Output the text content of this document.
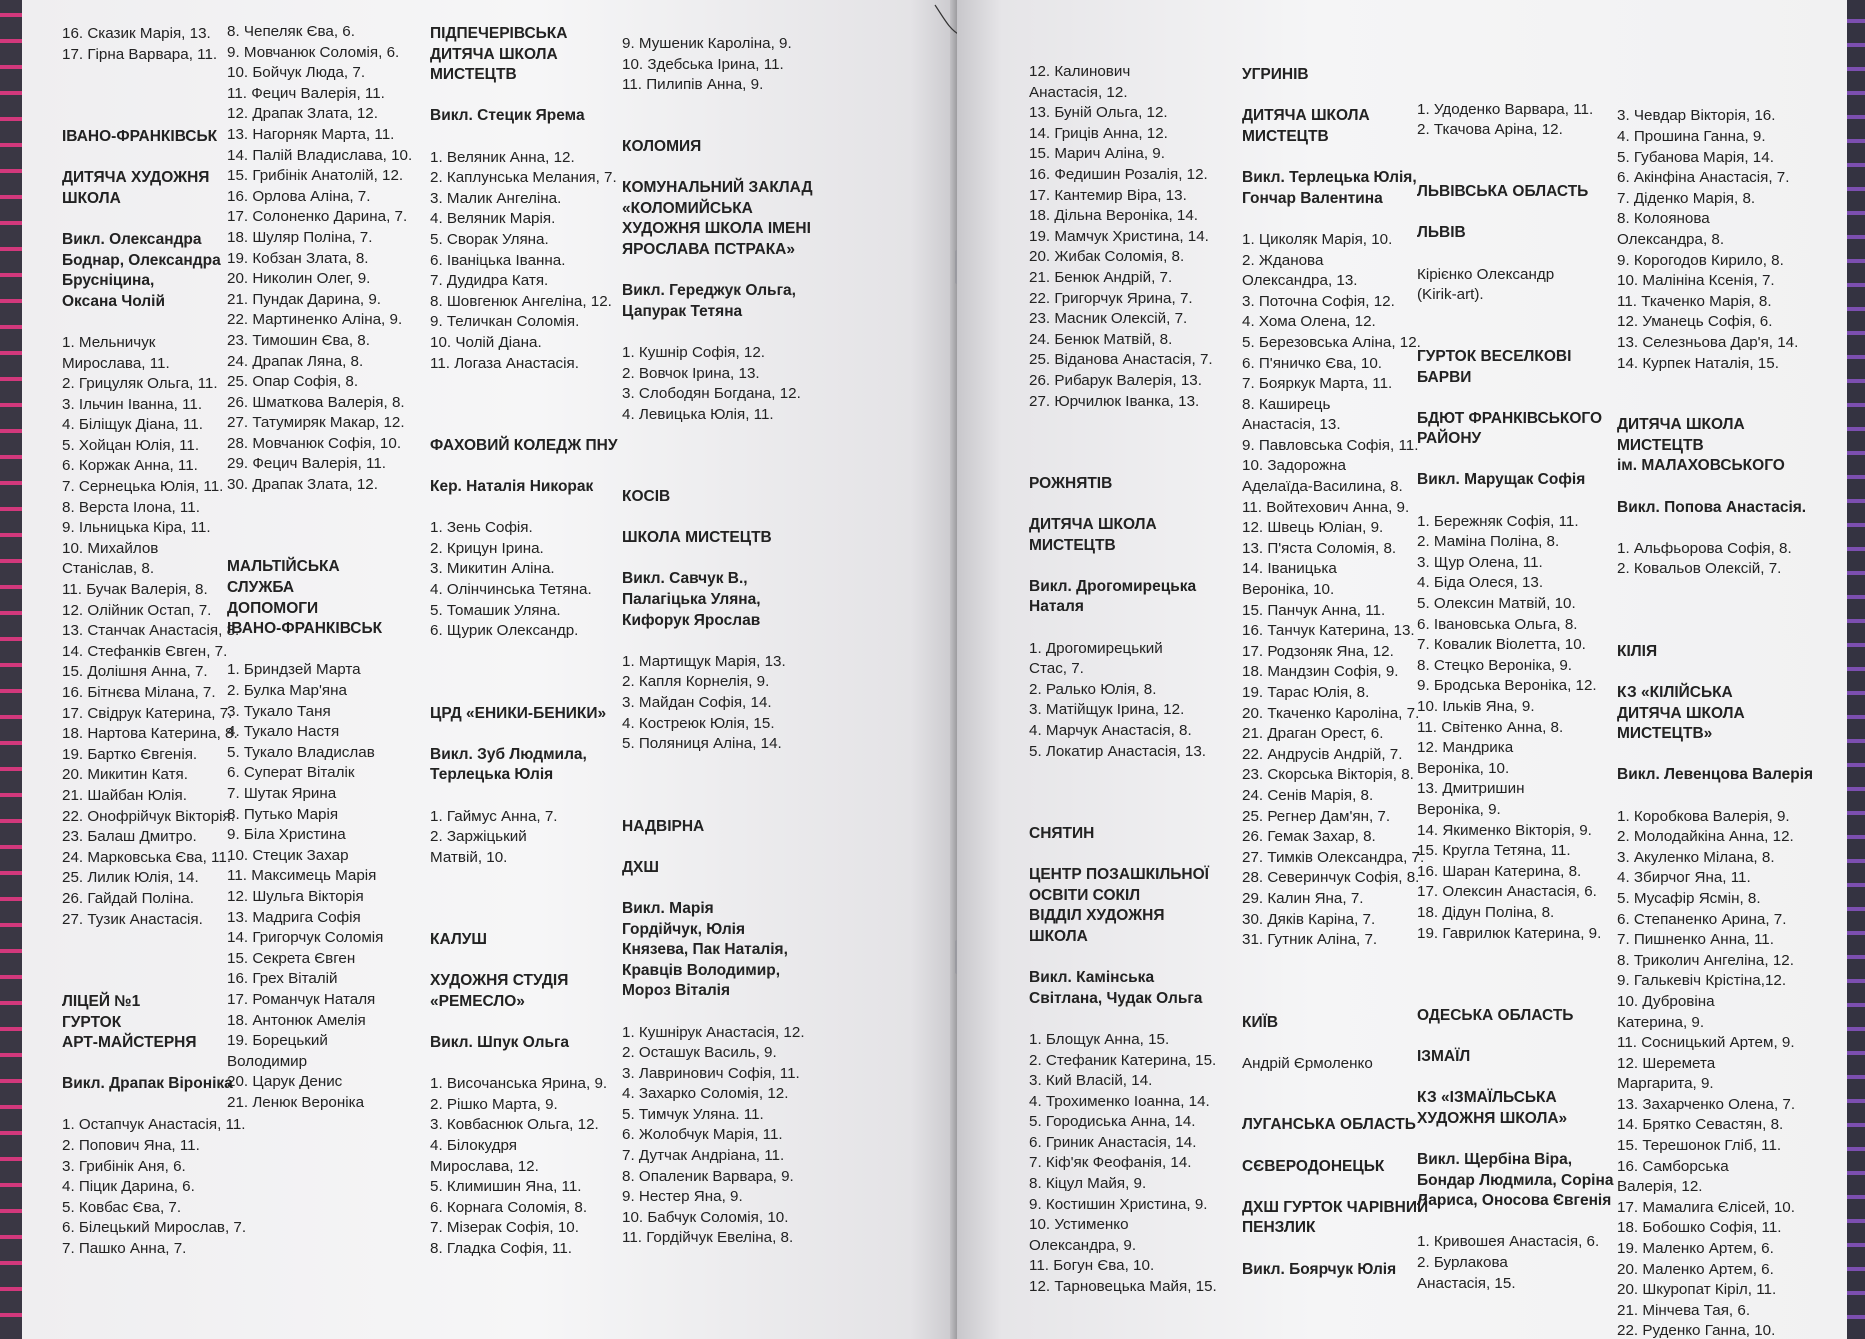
16. Сказик Марія, 13.
17. Гірна Варвара, 11.
ІВАНО-ФРАНКІВСЬК
ДИТЯЧА ХУДОЖНЯ
ШКОЛА
Викл. Олександра
Боднар, Олександра
Брусніцина,
Оксана Чолій
1. Мельничук
Мирослава, 11.
2. Грицуляк Ольга, 11.
3. Ільчин Іванна, 11.
4. Біліщук Діана, 11.
5. Хойцан Юлія, 11.
6. Коржак Анна, 11.
7. Сернецька Юлія, 11.
8. Верста Ілона, 11.
9. Ільницька Кіра, 11.
10. Михайлов
Станіслав, 8.
11. Бучак Валерія, 8.
12. Олійник Остап, 7.
13. Станчак Анастасія, 8.
14. Стефанків Євген, 7.
15. Долішня Анна, 7.
16. Бітнєва Мілана, 7.
17. Свідрук Катерина, 7.
18. Нартова Катерина, 8.
19. Бартко Євгенія.
20. Микитин Катя.
21. Шайбан Юлія.
22. Онофрійчук Вікторія.
23. Балаш Дмитро.
24. Марковська Єва, 11.
25. Лилик Юлія, 14.
26. Гайдай Поліна.
27. Тузик Анастасія.
ЛІЦЕЙ №1
ГУРТОК
АРТ-МАЙСТЕРНЯ
Викл. Драпак Віроніка
1. Остапчук Анастасія, 11.
2. Попович Яна, 11.
3. Грибінік Аня, 6.
4. Піцик Дарина, 6.
5. Ковбас Єва, 7.
6. Білецький Мирослав, 7.
7. Пашко Анна, 7.
8. Чепеляк Єва, 6.
9. Мовчанюк Соломія, 6.
10. Бойчук Люда, 7.
11. Фецич Валерія, 11.
12. Драпак Злата, 12.
13. Нагорняк Марта, 11.
14. Палій Владислава, 10.
15. Грибінік Анатолій, 12.
16. Орлова Аліна, 7.
17. Солоненко Дарина, 7.
18. Шуляр Поліна, 7.
19. Кобзан Злата, 8.
20. Николин Олег, 9.
21. Пундак Дарина, 9.
22. Мартиненко Аліна, 9.
23. Тимошин Єва, 8.
24. Драпак Ляна, 8.
25. Опар Софія, 8.
26. Шматкова Валерія, 8.
27. Татумиряк Макар, 12.
28. Мовчанюк Софія, 10.
29. Фецич Валерія, 11.
30. Драпак Злата, 12.
МАЛЬТІЙСЬКА
СЛУЖБА
ДОПОМОГИ
ІВАНО-ФРАНКІВСЬК
1. Бриндзей Марта
2. Булка Мар'яна
3. Тукало Таня
4. Тукало Настя
5. Тукало Владислав
6. Суперат Віталік
7. Шутак Ярина
8. Путько Марія
9. Біла Христина
10. Стецик Захар
11. Максимець Марія
12. Шульга Вікторія
13. Мадрига Софія
14. Григорчук Соломія
15. Секрета Євген
16. Грех Віталій
17. Романчук Наталя
18. Антонюк Амелія
19. Борецький
Володимир
20. Царук Денис
21. Ленюк Вероніка
ПІДПЕЧЕРІВСЬКА
ДИТЯЧА ШКОЛА
МИСТЕЦТВ
Викл. Стецик Ярема
1. Веляник Анна, 12.
2. Каплунська Мелания, 7.
3. Малик Ангеліна.
4. Веляник Марія.
5. Сворак Уляна.
6. Іваніцька Іванна.
7. Дудидра Катя.
8. Шовгенюк Ангеліна, 12.
9. Теличкан Соломія.
10. Чолій Діана.
11. Логаза Анастасія.
ФАХОВИЙ КОЛЕДЖ ПНУ
Кер. Наталія Никорак
1. Зень Софія.
2. Крицун Ірина.
3. Микитин Аліна.
4. Олінчинська Тетяна.
5. Томашик Уляна.
6. Щурик Олександр.
ЦРД «ЕНИКИ-БЕНИКИ»
Викл. Зуб Людмила,
Терлецька Юлія
1. Гаймус Анна, 7.
2. Заржіцький
Матвій, 10.
КАЛУШ
ХУДОЖНЯ СТУДІЯ
«РЕМЕСЛО»
Викл. Шпук Ольга
1. Височанська Ярина, 9.
2. Рішко Марта, 9.
3. Ковбаснюк Ольга, 12.
4. Білокудря
Мирослава, 12.
5. Климишин Яна, 11.
6. Корнага Соломія, 8.
7. Мізерак Софія, 10.
8. Гладка Софія, 11.
9. Мушеник Кароліна, 9.
10. Здебська Ірина, 11.
11. Пилипів Анна, 9.
КОЛОМИЯ
КОМУНАЛЬНИЙ ЗАКЛАД
«КОЛОМИЙСЬКА
ХУДОЖНЯ ШКОЛА ІМЕНІ
ЯРОСЛАВА ПСТРАКА»
Викл. Гереджук Ольга,
Цапурак Тетяна
1. Кушнір Софія, 12.
2. Вовчок Ірина, 13.
3. Слободян Богдана, 12.
4. Левицька Юлія, 11.
КОСІВ
ШКОЛА МИСТЕЦТВ
Викл. Савчук В.,
Палагіцька Уляна,
Кифорук Ярослав
1. Мартищук Марія, 13.
2. Капля Корнелія, 9.
3. Майдан Софія, 14.
4. Костреюк Юлія, 15.
5. Поляниця Аліна, 14.
НАДВІРНА
ДХШ
Викл. Марія
Гордійчук, Юлія
Князева, Пак Наталія,
Кравців Володимир,
Мороз Віталія
1. Кушнірук Анастасія, 12.
2. Осташук Василь, 9.
3. Лавринович Софія, 11.
4. Захарко Соломія, 12.
5. Тимчук Уляна. 11.
6. Жолобчук Марія, 11.
7. Дутчак Андріана, 11.
8. Опаленик Варвара, 9.
9. Нестер Яна, 9.
10. Бабчук Соломія, 10.
11. Гордійчук Евеліна, 8.
12. Калинович
Анастасія, 12.
13. Буній Ольга, 12.
14. Гриців Анна, 12.
15. Марич Аліна, 9.
16. Федишин Розалія, 12.
17. Кантемир Віра, 13.
18. Дільна Вероніка, 14.
19. Мамчук Христина, 14.
20. Жибак Соломія, 8.
21. Бенюк Андрій, 7.
22. Григорчук Ярина, 7.
23. Масник Олексій, 7.
24. Бенюк Матвій, 8.
25. Віданова Анастасія, 7.
26. Рибарук Валерія, 13.
27. Юрчилюк Іванка, 13.
РОЖНЯТІВ
ДИТЯЧА ШКОЛА
МИСТЕЦТВ
Викл. Дрогомирецька
Наталя
1. Дрогомирецький
Стас, 7.
2. Ралько Юлія, 8.
3. Матійщук Ірина, 12.
4. Марчук Анастасія, 8.
5. Локатир Анастасія, 13.
СНЯТИН
ЦЕНТР ПОЗАШКІЛЬНОЇ
ОСВІТИ СОКІЛ
ВІДДІЛ ХУДОЖНЯ
ШКОЛА
Викл. Камінська
Світлана, Чудак Ольга
1. Блощук Анна, 15.
2. Стефаник Катерина, 15.
3. Кий Власій, 14.
4. Трохименко Іоанна, 14.
5. Городиська Анна, 14.
6. Гриник Анастасія, 14.
7. Кіф'як Феофанія, 14.
8. Кіцул Майя, 9.
9. Костишин Христина, 9.
10. Устименко
Олександра, 9.
11. Богун Єва, 10.
12. Тарновецька Майя, 15.
УГРИНІВ
ДИТЯЧА ШКОЛА
МИСТЕЦТВ
Викл. Терлецька Юлія,
Гончар Валентина
1. Циколяк Марія, 10.
2. Жданова
Олександра, 13.
3. Поточна Софія, 12.
4. Хома Олена, 12.
5. Березовська Аліна, 12.
6. П'яничко Єва, 10.
7. Бояркук Марта, 11.
8. Каширець
Анастасія, 13.
9. Павловська Софія, 11.
10. Задорожна
Аделаїда-Василина, 8.
11. Войтехович Анна, 9.
12. Швець Юліан, 9.
13. П'яста Соломія, 8.
14. Іваницька
Вероніка, 10.
15. Панчук Анна, 11.
16. Танчук Катерина, 13.
17. Родзоняк Яна, 12.
18. Мандзин Софія, 9.
19. Тарас Юлія, 8.
20. Ткаченко Кароліна, 7.
21. Драган Орест, 6.
22. Андрусів Андрій, 7.
23. Скорська Вікторія, 8.
24. Сенів Марія, 8.
25. Регнер Дам'ян, 7.
26. Гемак Захар, 8.
27. Тимків Олександра, 7.
28. Северинчук Софія, 8.
29. Калин Яна, 7.
30. Дяків Каріна, 7.
31. Гутник Аліна, 7.
КИЇВ
Андрій Єрмоленко
ЛУГАНСЬКА ОБЛАСТЬ
СЄВЕРОДОНЕЦЬК
ДХШ ГУРТОК ЧАРІВНИЙ
ПЕНЗЛИК
Викл. Боярчук Юлія
1. Удоденко Варвара, 11.
2. Ткачова Аріна, 12.
ЛЬВІВСЬКА ОБЛАСТЬ
ЛЬВІВ
Кірієнко Олександр
(Kirik-art).
ГУРТОК ВЕСЕЛКОВІ
БАРВИ
БДЮТ ФРАНКІВСЬКОГО
РАЙОНУ
Викл. Марущак Софія
1. Бережняк Софія, 11.
2. Маміна Поліна, 8.
3. Щур Олена, 11.
4. Біда Олеся, 13.
5. Олексин Матвій, 10.
6. Івановська Ольга, 8.
7. Ковалик Віолетта, 10.
8. Стецко Вероніка, 9.
9. Бродська Вероніка, 12.
10. Ільків Яна, 9.
11. Світенко Анна, 8.
12. Мандрика
Вероніка, 10.
13. Дмитришин
Вероніка, 9.
14. Якименко Вікторія, 9.
15. Кругла Тетяна, 11.
16. Шаран Катерина, 8.
17. Олексин Анастасія, 6.
18. Дідун Поліна, 8.
19. Гаврилюк Катерина, 9.
ОДЕСЬКА ОБЛАСТЬ
ІЗМАЇЛ
КЗ «ІЗМАЇЛЬСЬКА
ХУДОЖНЯ ШКОЛА»
Викл. Щербіна Віра,
Бондар Людмила, Соріна
Лариса, Оносова Євгенія
1. Кривошея Анастасія, 6.
2. Бурлакова
Анастасія, 15.
3. Чевдар Вікторія, 16.
4. Прошина Ганна, 9.
5. Губанова Марія, 14.
6. Акінфіна Анастасія, 7.
7. Діденко Марія, 8.
8. Колоянова
Олександра, 8.
9. Корогодов Кирило, 8.
10. Малініна Ксенія, 7.
11. Ткаченко Марія, 8.
12. Уманець Софія, 6.
13. Селезньова Дар'я, 14.
14. Курпек Наталія, 15.
ДИТЯЧА ШКОЛА
МИСТЕЦТВ
ім. МАЛАХОВСЬКОГО
Викл. Попова Анастасія.
1. Альфьорова Софія, 8.
2. Ковальов Олексій, 7.
КІЛІЯ
КЗ «КІЛІЙСЬКА
ДИТЯЧА ШКОЛА
МИСТЕЦТВ»
Викл. Левенцова Валерія
1. Коробкова Валерія, 9.
2. Молодайкіна Анна, 12.
3. Акуленко Мілана, 8.
4. Збирчог Яна, 11.
5. Мусафір Ясмін, 8.
6. Степаненко Арина, 7.
7. Пишненко Анна, 11.
8. Триколич Ангеліна, 12.
9. Галькевіч Крістіна,12.
10. Дубровіна
Катерина, 9.
11. Сосницький Артем, 9.
12. Шеремета
Маргарита, 9.
13. Захарченко Олена, 7.
14. Брятко Севастян, 8.
15. Терешонок Гліб, 11.
16. Самборська
Валерія, 12.
17. Мамалига Єлісей, 10.
18. Бобошко Софія, 11.
19. Маленко Артем, 6.
20. Маленко Артем, 6.
20. Шкуропат Кіріл, 11.
21. Мінчева Тая, 6.
22. Руденко Ганна, 10.
